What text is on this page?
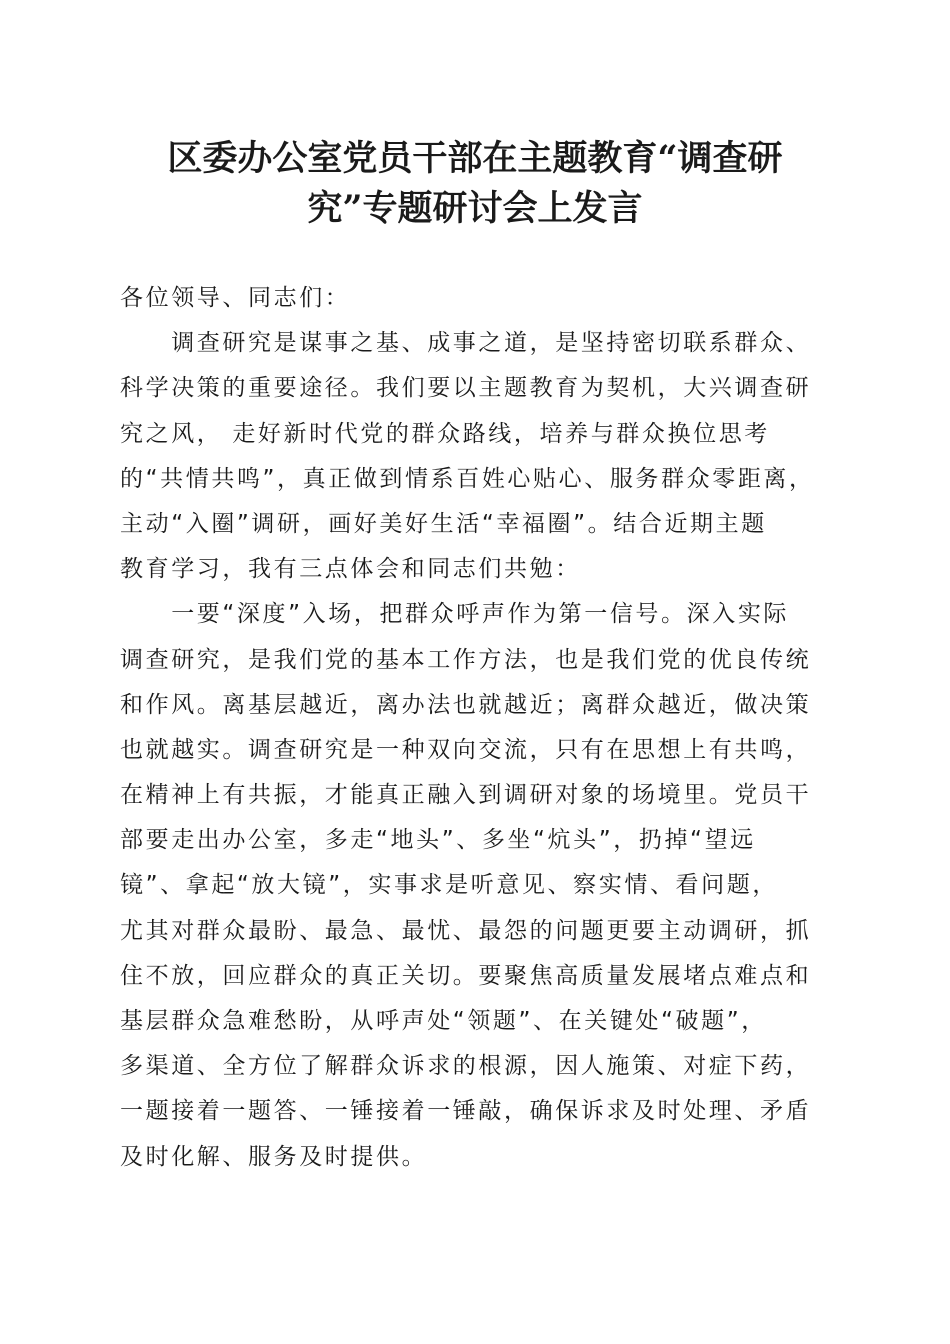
区委办公室党员干部在主题教育“调查研
究”专题研讨会上发言
各位领导、同志们：
　　调查研究是谋事之基、成事之道，是坚持密切联系群众、
科学决策的重要途径。我们要以主题教育为契机，大兴调查研
究之风， 走好新时代党的群众路线，培养与群众换位思考
的“共情共鸣”，真正做到情系百姓心贴心、服务群众零距离，
主动“入圈”调研，画好美好生活“幸福圈”。结合近期主题
教育学习，我有三点体会和同志们共勉：
　　一要“深度”入场，把群众呼声作为第一信号。深入实际
调查研究，是我们党的基本工作方法，也是我们党的优良传统
和作风。离基层越近，离办法也就越近；离群众越近，做决策
也就越实。调查研究是一种双向交流，只有在思想上有共鸣，
在精神上有共振，才能真正融入到调研对象的场境里。党员干
部要走出办公室，多走“地头”、多坐“炕头”，扔掉“望远
镜”、拿起“放大镜”，实事求是听意见、察实情、看问题，
尤其对群众最盼、最急、最忧、最怨的问题更要主动调研，抓
住不放，回应群众的真正关切。要聚焦高质量发展堵点难点和
基层群众急难愁盼，从呼声处“领题”、在关键处“破题”，
多渠道、全方位了解群众诉求的根源，因人施策、对症下药，
一题接着一题答、一锤接着一锤敲，确保诉求及时处理、矛盾
及时化解、服务及时提供。
